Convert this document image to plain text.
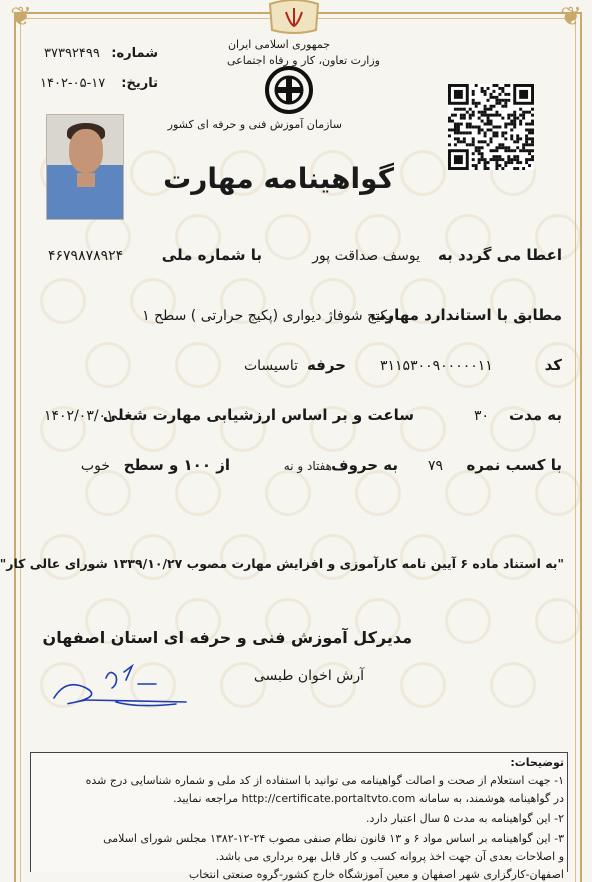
❦	❦
جمهوری اسلامی ایران
وزارت تعاون، کار و رفاه اجتماعی
سازمان آموزش فنی و حرفه ای کشور
شماره:
۳۷۳۹۲۴۹۹
تاریخ:
۱۴۰۲-۰۵-۱۷
گواهینامه مهارت
اعطا می گردد به
یوسف صداقت پور
با شماره ملی
۴۶۷۹۸۷۸۹۲۴
مطابق با استاندارد مهارت
پکیج شوفاژ دیواری (پکیج حرارتی ) سطح ۱
کد
۳۱۱۵۳۰۰۹۰۰۰۰۰۱۱
حرفه
تاسیسات
به مدت
۳۰
ساعت و بر اساس ارزشیابی مهارت شغلی
۱۴۰۲/۰۳/۰۱
با کسب نمره
۷۹
به حروف
هفتاد و نه
از ۱۰۰ و سطح
خوب
"به استناد ماده ۶ آیین نامه کارآموزی و افزایش مهارت مصوب ۱۳۳۹/۱۰/۲۷ شورای عالی کار"
مدیرکل آموزش فنی و حرفه ای استان اصفهان
آرش اخوان طبسی
توضیحات:
۱- جهت استعلام از صحت و اصالت گواهینامه می توانید با استفاده از کد ملی و شماره شناسایی درج شده
در گواهینامه هوشمند، به سامانه http://certificate.portaltvto.com مراجعه نمایید.
۲- این گواهینامه به مدت ۵ سال اعتبار دارد.
۳- این گواهینامه بر اساس مواد ۶ و ۱۳ قانون نظام صنفی مصوب ۲۴-۱۲-۱۳۸۲ مجلس شورای اسلامی
و اصلاحات بعدی آن جهت اخذ پروانه کسب و کار قابل بهره برداری می باشد.
اصفهان-کارگزاری شهر اصفهان و معین آموزشگاه خارج کشور-گروه صنعتی انتخاب
